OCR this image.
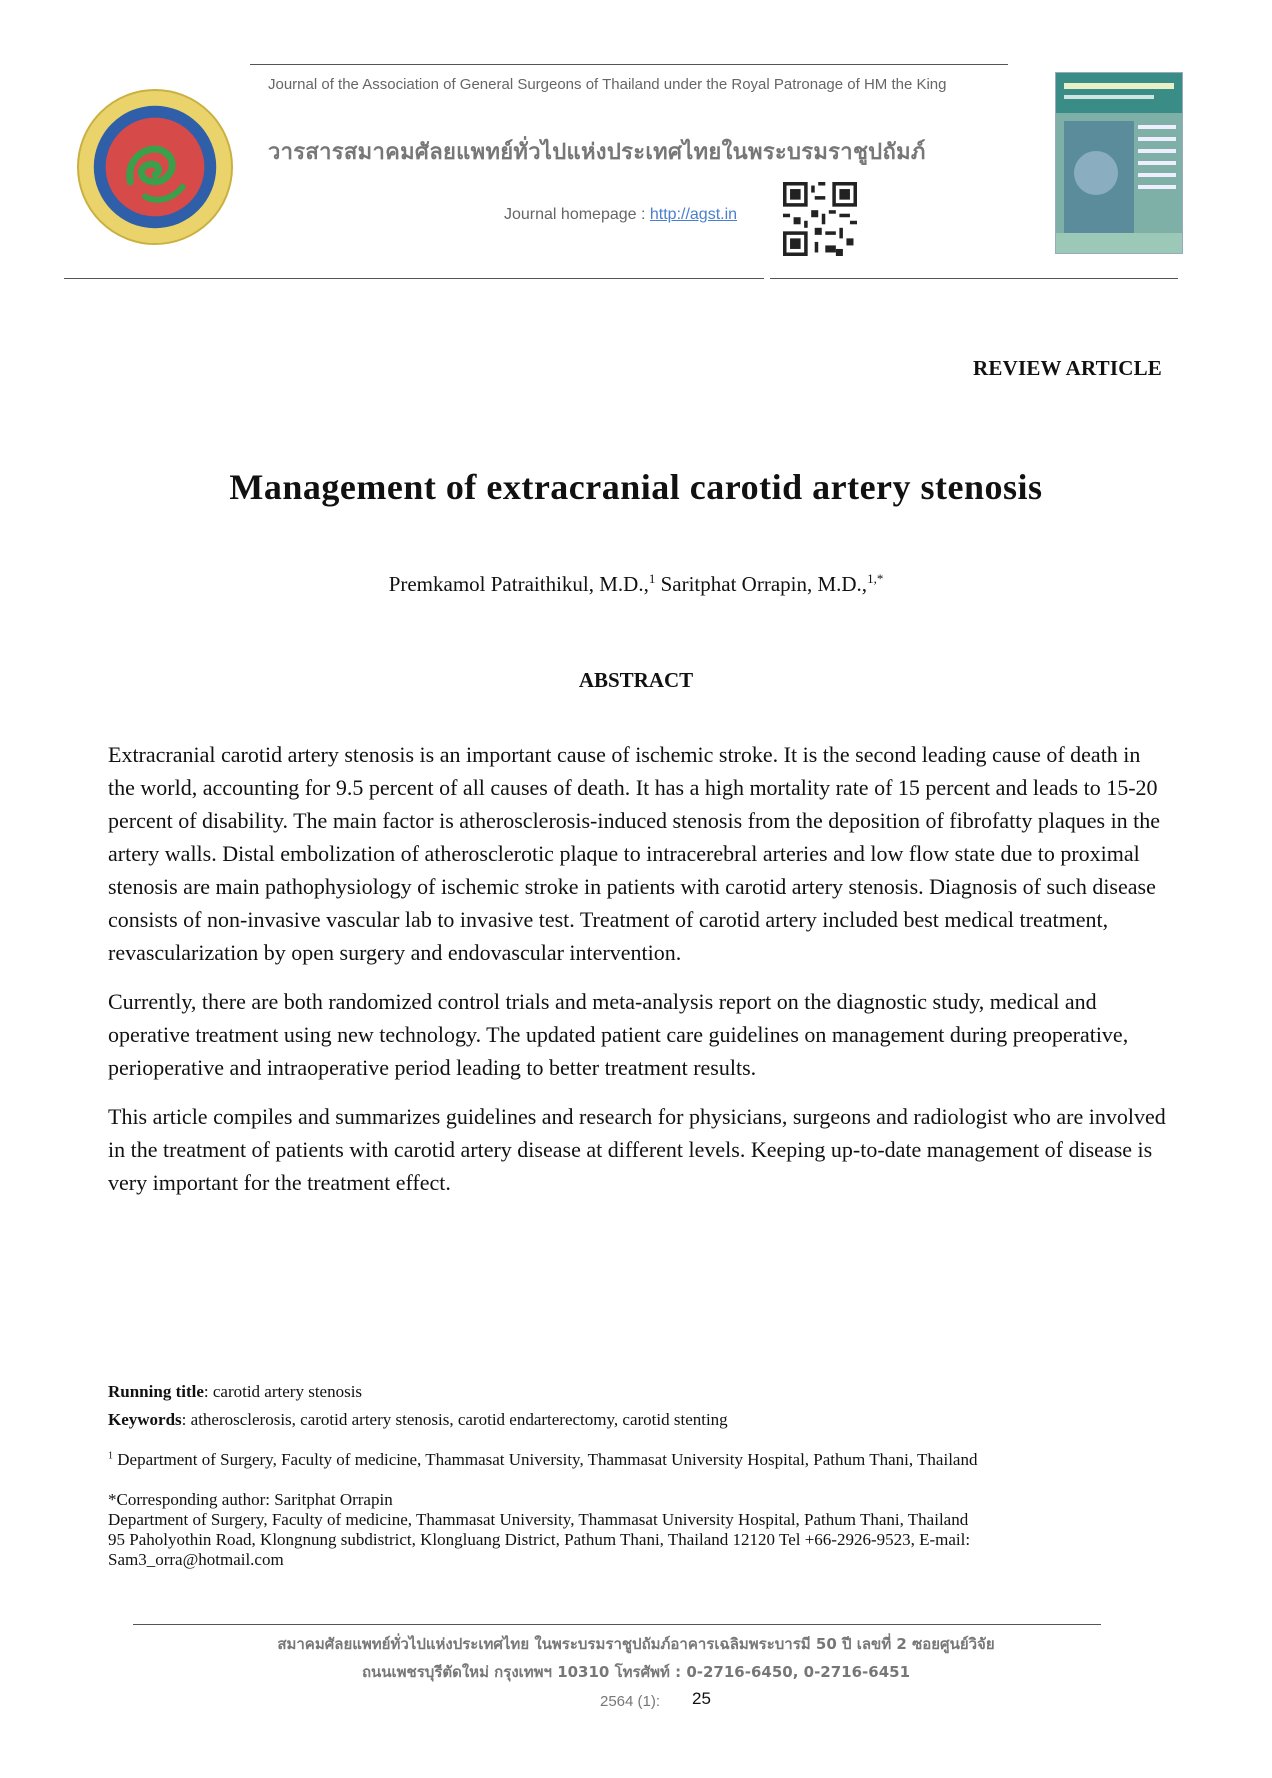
Journal of the Association of General Surgeons of Thailand under the Royal Patronage of HM the King
วารสารสมาคมศัลยแพทย์ทั่วไปแห่งประเทศไทยในพระบรมราชูปถัมภ์
Journal homepage : http://agst.in
REVIEW ARTICLE
Management of extracranial carotid artery stenosis
Premkamol Patraithikul, M.D.,$^1$ Saritphat Orrapin, M.D.,$^{1,*}$
ABSTRACT

Extracranial carotid artery stenosis is an important cause of ischemic stroke. It is the second leading cause of death in the world, accounting for 9.5 percent of all causes of death. It has a high mortality rate of 15 percent and leads to 15-20 percent of disability. The main factor is atherosclerosis-induced stenosis from the deposition of fibrofatty plaques in the artery walls. Distal embolization of atherosclerotic plaque to intracerebral arteries and low flow state due to proximal stenosis are main pathophysiology of ischemic stroke in patients with carotid artery stenosis. Diagnosis of such disease consists of non-invasive vascular lab to invasive test. Treatment of carotid artery included best medical treatment, revascularization by open surgery and endovascular intervention.

Currently, there are both randomized control trials and meta-analysis report on the diagnostic study, medical and operative treatment using new technology. The updated patient care guidelines on management during preoperative, perioperative and intraoperative period leading to better treatment results.

This article compiles and summarizes guidelines and research for physicians, surgeons and radiologist who are involved in the treatment of patients with carotid artery disease at different levels. Keeping up-to-date management of disease is very important for the treatment effect.

Running title: carotid artery stenosis
Keywords: atherosclerosis, carotid artery stenosis, carotid endarterectomy, carotid stenting
$^1$ Department of Surgery, Faculty of medicine, Thammasat University, Thammasat University Hospital, Pathum Thani, Thailand
*Corresponding author: Saritphat Orrapin
Department of Surgery, Faculty of medicine, Thammasat University, Thammasat University Hospital, Pathum Thani, Thailand
95 Paholyothin Road, Klongnung subdistrict, Klongluang District, Pathum Thani, Thailand 12120 Tel +66-2926-9523, E-mail:
Sam3_orra@hotmail.com
สมาคมศัลยแพทย์ทั่วไปแห่งประเทศไทย ในพระบรมราชูปถัมภ์อาคารเฉลิมพระบารมี 50 ปี เลขที่ 2 ซอยศูนย์วิจัย
ถนนเพชรบุรีตัดใหม่ กรุงเทพฯ 10310 โทรศัพท์ : 0-2716-6450, 0-2716-6451
2564 (1): 25
